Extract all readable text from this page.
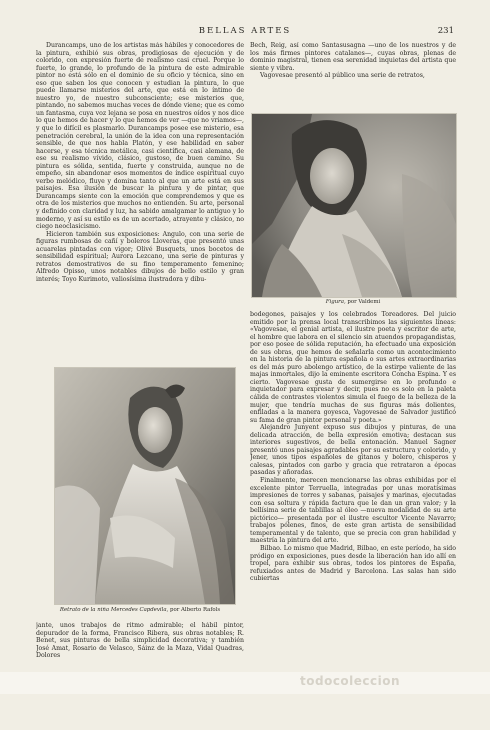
BELLAS ARTES	231

Durancamps, uno de los artistas más hábiles y conocedores de la pintura, exhibió sus obras, prodigiosas de ejecución y de colorido, con expresión fuerte de realismo casi cruel. Porque lo fuerte, lo grande, lo profundo de la pintura de este admirable pintor no está sólo en el dominio de su oficio y técnica, sino en eso que saben los que conocen y estudian la pintura, lo que puede llamarse misterios del arte, que está en lo íntimo de nuestro yo, de nuestro subconsciente; ese misterios que, pintando, no sabemos muchas veces de dónde viene; que es como un fantasma, cuya voz lejana se posa en nuestros oídos y nos dice lo que hemos de hacer y lo que hemos de ver —que no vriamos—, y que lo difícil es plasmarlo. Durancamps posee ese misterio, esa penetración cerebral, la unión de la idea con una representación sensible, de que nos habla Platón, y ese habilidad en saber hacerse, y esa técnica metálica, casi científica, casi alemana, de ese su realismo vívido, clásico, gustoso, de buen camino. Su pintura es sólida, sentida, fuerte y construida, aunque no de empeño, sin abandonar esos momentos de índice espiritual cuyo verbo melódico, fluye y domina tanto al que un arte está en sus paisajes. Esa ilusión de buscar la pintura y de pintar, que Durancamps siente con la emoción que comprendemos y que es otra de los misterios que muchos no entienden. Su arte, personal y definido con claridad y luz, ha sabido amalgamar lo antiguo y lo moderno, y así su estilo es de un acertado, atrayente y clásico, no ciego neoclasicismo.

Hicieron también sus exposiciones: Angulo, con una serie de figuras rumbosas de cañí y boleros Lloveras, que presentó unas acuarelas pintadas con vigor; Olivé Busquets, unos bocetos de sensibilidad espiritual; Aurora Lezcano, una serie de pinturas y retratos demostrativos de su fino temperamento femenino; Alfredo Opisso, unos notables dibujos de bello estilo y gran interés; Toyo Kurimoto, valiosísima ilustradora y dibu-

Bech, Reig, así como Santasusagna —uno de los nuestros y de los más firmes pintores catalanes—, cuyas obras, plenas de dominio magistral, tienen esa serenidad inquietas del artista que siente y vibra.

Vagovesae presentó al público una serie de retratos,

Figura, por Valdemi

bodegones, paisajes y los celebrados Toreadores. Del juicio emitido por la prensa local transcribimos las siguientes líneas: «Vagovesae, el genial artista, el ilustre poeta y escritor de arte, el hombre que labora en el silencio sin atuendos propagandistas, por eso posee de sólida reputación, ha efectuado una exposición de sus obras, que hemos de señalarla como un acontecimiento en la historia de la pintura española o sus artes extraordinarias es del más puro abolengo artístico, de la estirpe valiente de las majas inmortales, dijo la eminente escritora Concha Espina. Y es cierto. Vagovesae gusta de sumergirse en lo profundo e inquietador para expresar y decir, pues no es solo en la paleta cálida de contrastes violentos simula el fuego de la belleza de la mujer, que tendría muchas de sus figuras más dolientes, enfiladas a la manera goyesca, Vagovesae de Salvador justificó su fama de gran pintor personal y poeta.»

Alejandro Junyent expuso sus dibujos y pinturas, de una delicada atracción, de bella expresión emotiva; destacan sus interiores sugestivos, de bella entonación. Manuel Sagner presentó unos paisajes agradables por su estructura y colorido, y Jener, unos tipos españoles de gitanos y bolero, chisperos y calesas, pintados con garbo y gracia que retrataron a épocas pasadas y añoradas.

Finalmente, merecen mencionarse las obras exhibidas por el excelente pintor Terruella, integradas por unas moratísimas impresiones de torres y sabanas, paisajes y marinas, ejecutadas con esa soltura y rápida factura que le dan un gran valor; y la bellísima serie de tablillas al óleo —nueva modalidad de su arte pictórico— presentada por el ilustre escultor Vicente Navarro; trabajos pólenes, finos, de este gran artista de sensibilidad temperamental y de talento, que se precia con gran habilidad y maestría la pintura del arte.

Bilbao. Lo mismo que Madrid, Bilbao, en este período, ha sido pródigo en exposiciones, pues desde la liberación han ido allí en tropel, para exhibir sus obras, todos los pintores de España, refuxiados antes de Madrid y Barcelona. Las salas han sido cubiertas

Retrato de la niña Mercedes Capdevila, por Alberto Rafols

jante, unos trabajos de ritmo admirable; el hábil pintor, depurador de la forma, Francisco Ribera, sus obras notables; R. Benet, sus pinturas de bella simplicidad decorativa; y también José Amat, Rosario de Velasco, Sáinz de la Maza, Vidal Quadras, Dolores

todocoleccion
